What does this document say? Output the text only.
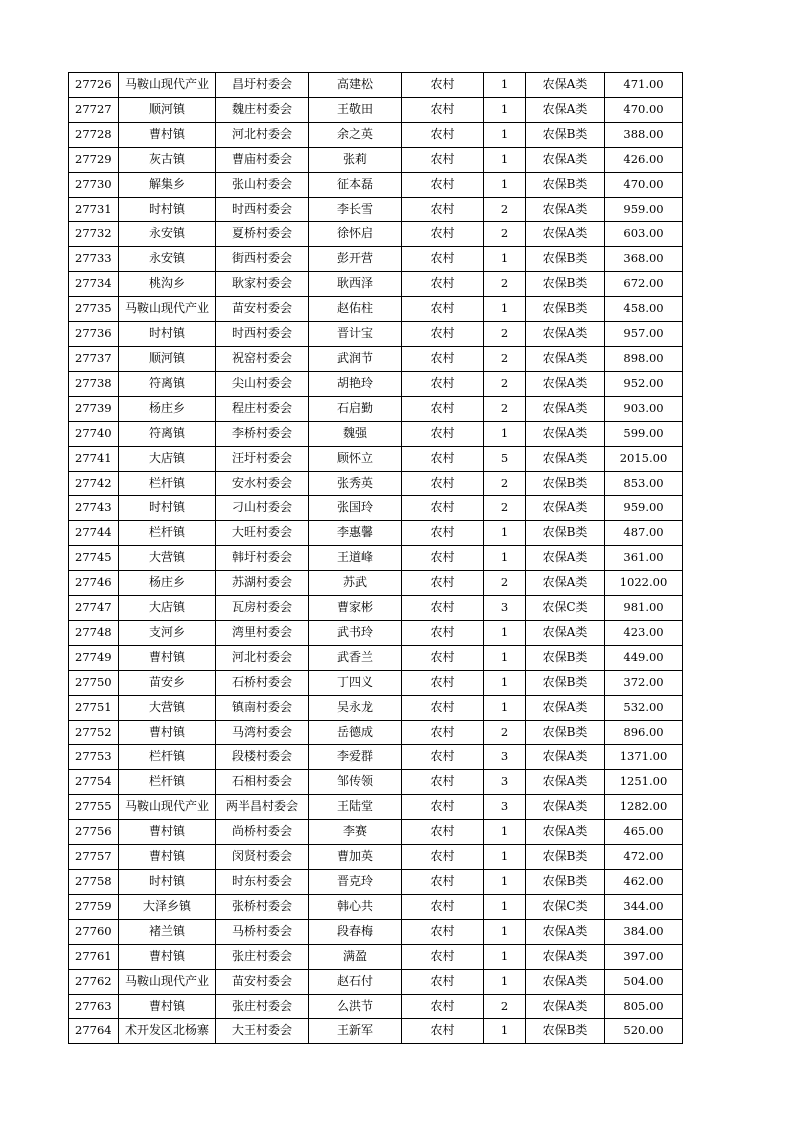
27726	马鞍山现代产业	昌圩村委会	高建松	农村	1	农保A类	471.00
27727	顺河镇	魏庄村委会	王敬田	农村	1	农保A类	470.00
27728	曹村镇	河北村委会	余之英	农村	1	农保B类	388.00
27729	灰古镇	曹庙村委会	张莉	农村	1	农保A类	426.00
27730	解集乡	张山村委会	征本磊	农村	1	农保B类	470.00
27731	时村镇	时西村委会	李长雪	农村	2	农保A类	959.00
27732	永安镇	夏桥村委会	徐怀启	农村	2	农保A类	603.00
27733	永安镇	街西村委会	彭开营	农村	1	农保B类	368.00
27734	桃沟乡	耿家村委会	耿西泽	农村	2	农保B类	672.00
27735	马鞍山现代产业	苗安村委会	赵佑柱	农村	1	农保B类	458.00
27736	时村镇	时西村委会	晋计宝	农村	2	农保A类	957.00
27737	顺河镇	祝窑村委会	武润节	农村	2	农保A类	898.00
27738	符离镇	尖山村委会	胡艳玲	农村	2	农保A类	952.00
27739	杨庄乡	程庄村委会	石启勤	农村	2	农保A类	903.00
27740	符离镇	李桥村委会	魏强	农村	1	农保A类	599.00
27741	大店镇	汪圩村委会	顾怀立	农村	5	农保A类	2015.00
27742	栏杆镇	安水村委会	张秀英	农村	2	农保B类	853.00
27743	时村镇	刁山村委会	张国玲	农村	2	农保A类	959.00
27744	栏杆镇	大旺村委会	李惠馨	农村	1	农保B类	487.00
27745	大营镇	韩圩村委会	王道峰	农村	1	农保A类	361.00
27746	杨庄乡	苏湖村委会	苏武	农村	2	农保A类	1022.00
27747	大店镇	瓦房村委会	曹家彬	农村	3	农保C类	981.00
27748	支河乡	湾里村委会	武书玲	农村	1	农保A类	423.00
27749	曹村镇	河北村委会	武香兰	农村	1	农保B类	449.00
27750	苗安乡	石桥村委会	丁四义	农村	1	农保B类	372.00
27751	大营镇	镇南村委会	吴永龙	农村	1	农保A类	532.00
27752	曹村镇	马湾村委会	岳德成	农村	2	农保B类	896.00
27753	栏杆镇	段楼村委会	李爱群	农村	3	农保A类	1371.00
27754	栏杆镇	石相村委会	邹传领	农村	3	农保A类	1251.00
27755	马鞍山现代产业	两半昌村委会	王陆堂	农村	3	农保A类	1282.00
27756	曹村镇	尚桥村委会	李赛	农村	1	农保A类	465.00
27757	曹村镇	闵贤村委会	曹加英	农村	1	农保B类	472.00
27758	时村镇	时东村委会	晋克玲	农村	1	农保B类	462.00
27759	大泽乡镇	张桥村委会	韩心共	农村	1	农保C类	344.00
27760	褚兰镇	马桥村委会	段春梅	农村	1	农保A类	384.00
27761	曹村镇	张庄村委会	满盈	农村	1	农保A类	397.00
27762	马鞍山现代产业	苗安村委会	赵石付	农村	1	农保A类	504.00
27763	曹村镇	张庄村委会	么洪节	农村	2	农保A类	805.00
27764	术开发区北杨寨	大王村委会	王新军	农村	1	农保B类	520.00
